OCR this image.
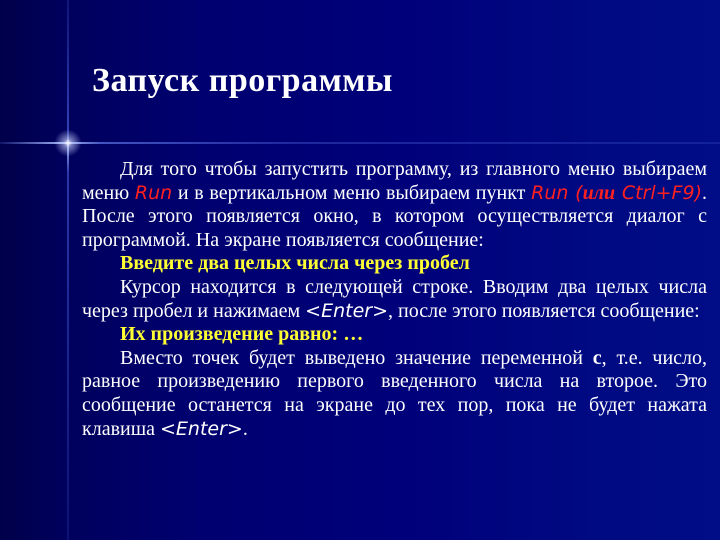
Запуск программы

Для того чтобы запустить программу, из главного меню выбираем меню Run и в вертикальном меню выбираем пункт Run (или Ctrl+F9). После этого появляется окно, в котором осуществляется диалог с программой. На экране появляется сообщение:

Введите два целых числа через пробел

Курсор находится в следующей строке. Вводим два целых числа через пробел и нажимаем <Enter>, после этого появляется сообщение:

Их произведение равно: …

Вместо точек будет выведено значение переменной c, т.е. число, равное произведению первого введенного числа на второе. Это сообщение останется на экране до тех пор, пока не будет нажата клавиша <Enter>.
